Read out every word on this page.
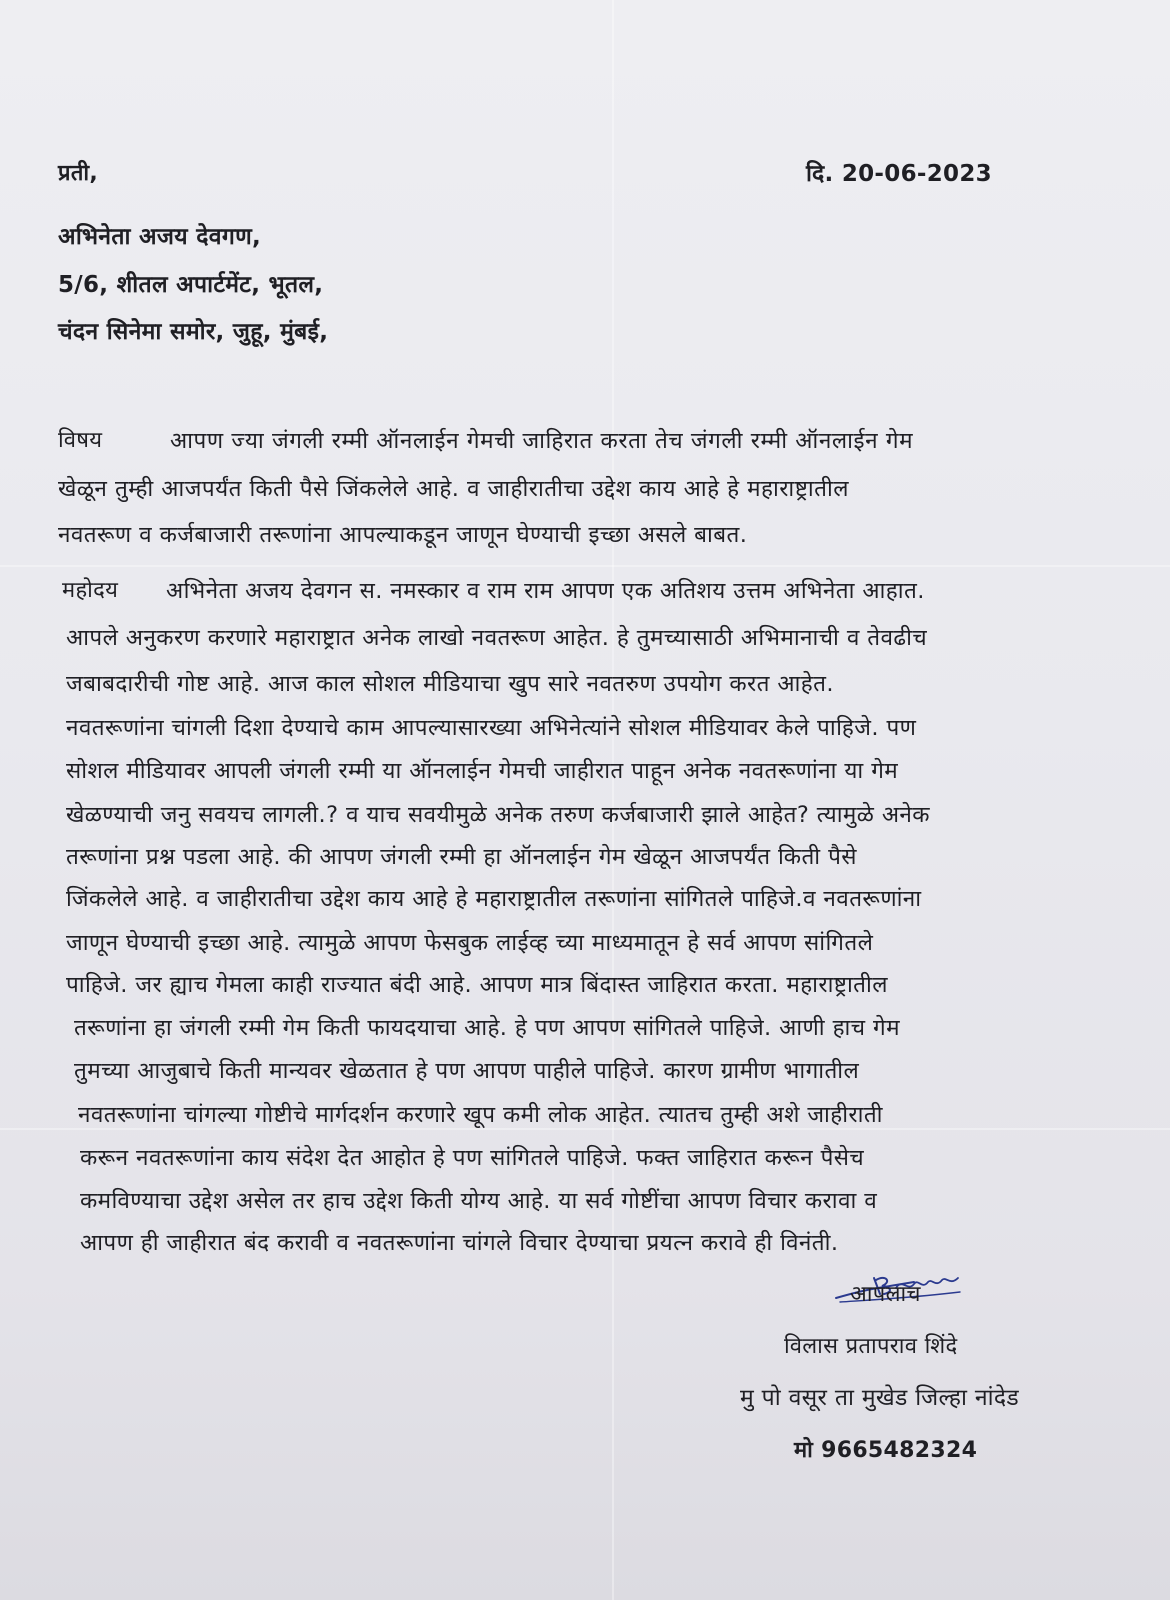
प्रती,	दि. 20-06-2023
अभिनेता अजय देवगण,
5/6, शीतल अपार्टमेंट, भूतल,
चंदन सिनेमा समोर, जुहू, मुंबई,
विषय	आपण ज्या जंगली रम्मी ऑनलाईन गेमची जाहिरात करता तेच जंगली रम्मी ऑनलाईन गेम
खेळून तुम्ही आजपर्यंत किती पैसे जिंकलेले आहे. व जाहीरातीचा उद्देश काय आहे हे महाराष्ट्रातील
नवतरूण व कर्जबाजारी तरूणांना आपल्याकडून जाणून घेण्याची इच्छा असले बाबत.
महोदय अभिनेता अजय देवगन स. नमस्कार व राम राम आपण एक अतिशय उत्तम अभिनेता आहात.
आपले अनुकरण करणारे महाराष्ट्रात अनेक लाखो नवतरूण आहेत. हे तुमच्यासाठी अभिमानाची व तेवढीच
जबाबदारीची गोष्ट आहे. आज काल सोशल मीडियाचा खुप सारे नवतरुण उपयोग करत आहेत.
नवतरूणांना चांगली दिशा देण्याचे काम आपल्यासारख्या अभिनेत्यांने सोशल मीडियावर केले पाहिजे. पण
सोशल मीडियावर आपली जंगली रम्मी या ऑनलाईन गेमची जाहीरात पाहून अनेक नवतरूणांना या गेम
खेळण्याची जनु सवयच लागली.? व याच सवयीमुळे अनेक तरुण कर्जबाजारी झाले आहेत? त्यामुळे अनेक
तरूणांना प्रश्न पडला आहे. की आपण जंगली रम्मी हा ऑनलाईन गेम खेळून आजपर्यंत किती पैसे
जिंकलेले आहे. व जाहीरातीचा उद्देश काय आहे हे महाराष्ट्रातील तरूणांना सांगितले पाहिजे.व नवतरूणांना
जाणून घेण्याची इच्छा आहे. त्यामुळे आपण फेसबुक लाईव्ह च्या माध्यमातून हे सर्व आपण सांगितले
पाहिजे. जर ह्याच गेमला काही राज्यात बंदी आहे. आपण मात्र बिंदास्त जाहिरात करता. महाराष्ट्रातील
तरूणांना हा जंगली रम्मी गेम किती फायदयाचा आहे. हे पण आपण सांगितले पाहिजे. आणी हाच गेम
तुमच्या आजुबाचे किती मान्यवर खेळतात हे पण आपण पाहीले पाहिजे. कारण ग्रामीण भागातील
नवतरूणांना चांगल्या गोष्टीचे मार्गदर्शन करणारे खूप कमी लोक आहेत. त्यातच तुम्ही अशे जाहीराती
करून नवतरूणांना काय संदेश देत आहोत हे पण सांगितले पाहिजे. फक्त जाहिरात करून पैसेच
कमविण्याचा उद्देश असेल तर हाच उद्देश किती योग्य आहे. या सर्व गोष्टींचा आपण विचार करावा व
आपण ही जाहीरात बंद करावी व नवतरूणांना चांगले विचार देण्याचा प्रयत्न करावे ही विनंती.
आपलाच
विलास प्रतापराव शिंदे
मु पो वसूर ता मुखेड जिल्हा नांदेड
मो 9665482324
